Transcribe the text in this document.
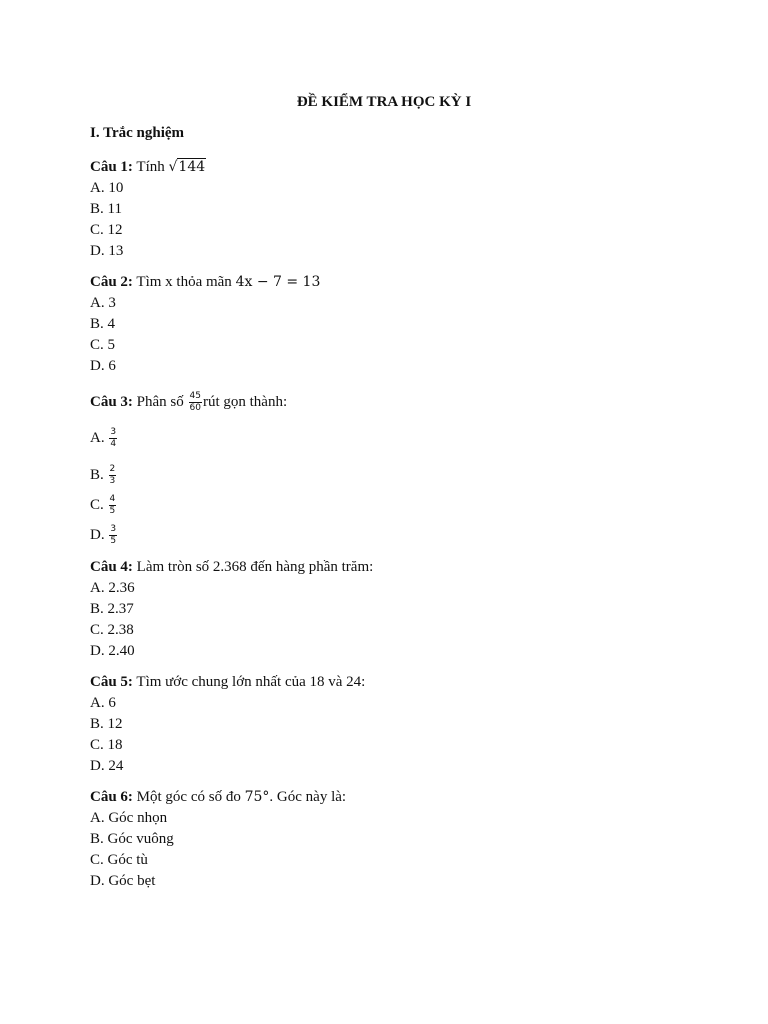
ĐỀ KIỂM TRA HỌC KỲ I
I. Trắc nghiệm
Câu 1: Tính √144
A. 10
B. 11
C. 12
D. 13
Câu 2: Tìm x thỏa mãn 4x − 7 = 13
A. 3
B. 4
C. 5
D. 6
Câu 3: Phân số $\frac{45}{60}$ rút gọn thành:
A. $\frac{3}{4}$
B. $\frac{2}{3}$
C. $\frac{4}{5}$
D. $\frac{3}{5}$
Câu 4: Làm tròn số 2.368 đến hàng phần trăm:
A. 2.36
B. 2.37
C. 2.38
D. 2.40
Câu 5: Tìm ước chung lớn nhất của 18 và 24:
A. 6
B. 12
C. 18
D. 24
Câu 6: Một góc có số đo 75°. Góc này là:
A. Góc nhọn
B. Góc vuông
C. Góc tù
D. Góc bẹt
